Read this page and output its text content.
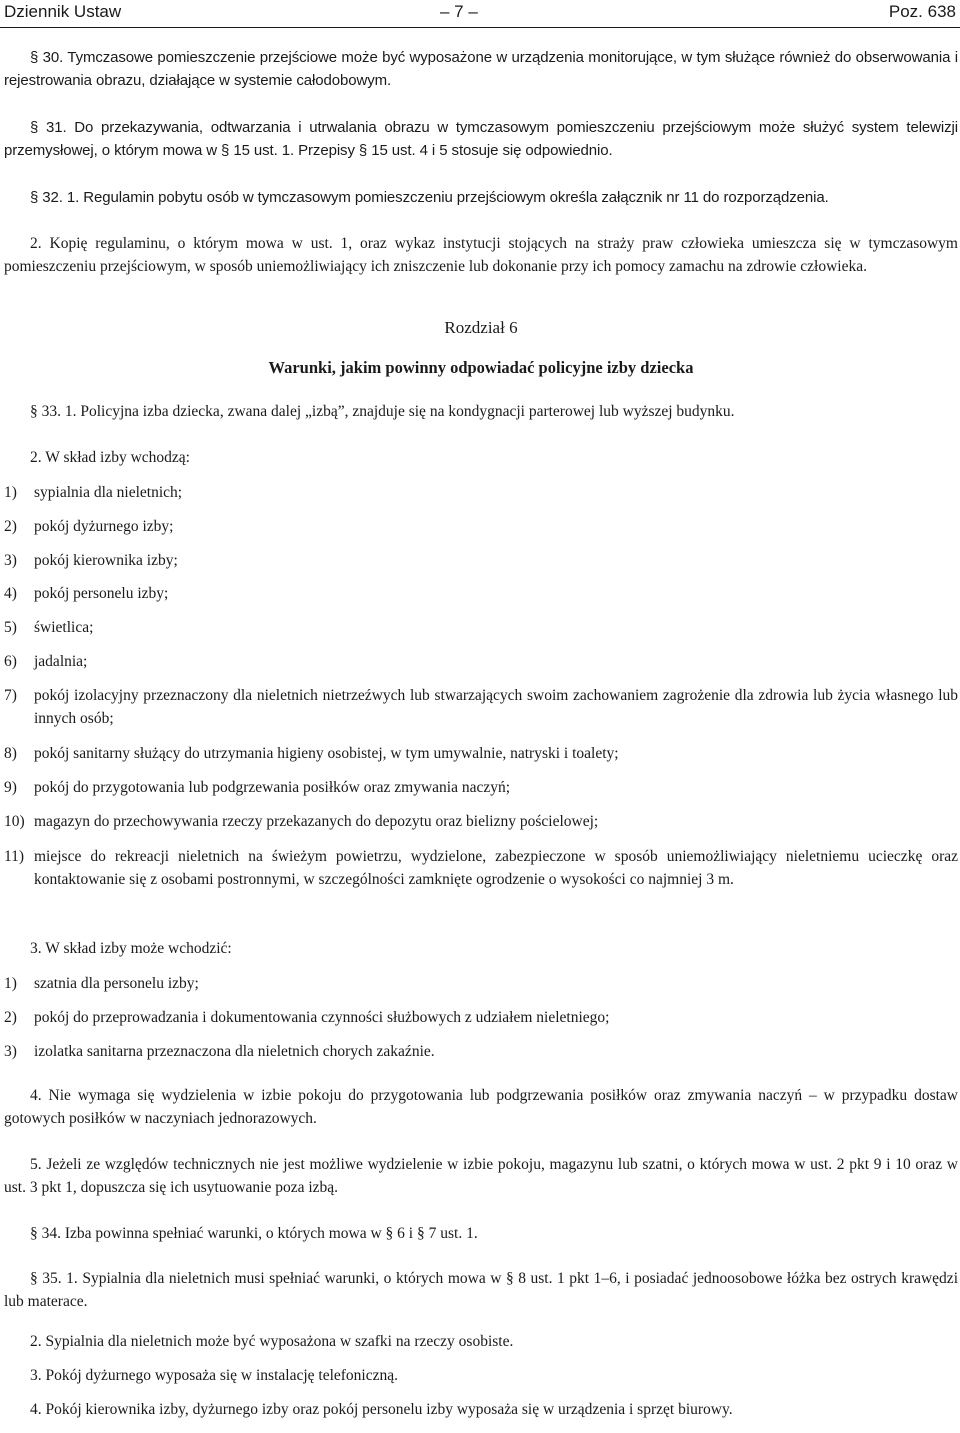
Dziennik Ustaw	– 7 –	Poz. 638
§ 30. Tymczasowe pomieszczenie przejściowe może być wyposażone w urządzenia monitorujące, w tym służące również do obserwowania i rejestrowania obrazu, działające w systemie całodobowym.
§ 31. Do przekazywania, odtwarzania i utrwalania obrazu w tymczasowym pomieszczeniu przejściowym może służyć system telewizji przemysłowej, o którym mowa w § 15 ust. 1. Przepisy § 15 ust. 4 i 5 stosuje się odpowiednio.
§ 32. 1. Regulamin pobytu osób w tymczasowym pomieszczeniu przejściowym określa załącznik nr 11 do rozporządzenia.
2. Kopię regulaminu, o którym mowa w ust. 1, oraz wykaz instytucji stojących na straży praw człowieka umieszcza się w tymczasowym pomieszczeniu przejściowym, w sposób uniemożliwiający ich zniszczenie lub dokonanie przy ich pomocy zamachu na zdrowie człowieka.
Rozdział 6
Warunki, jakim powinny odpowiadać policyjne izby dziecka
§ 33. 1. Policyjna izba dziecka, zwana dalej „izbą”, znajduje się na kondygnacji parterowej lub wyższej budynku.
2. W skład izby wchodzą:
1) sypialnia dla nieletnich;
2) pokój dyżurnego izby;
3) pokój kierownika izby;
4) pokój personelu izby;
5) świetlica;
6) jadalnia;
7) pokój izolacyjny przeznaczony dla nieletnich nietrzeźwych lub stwarzających swoim zachowaniem zagrożenie dla zdrowia lub życia własnego lub innych osób;
8) pokój sanitarny służący do utrzymania higieny osobistej, w tym umywalnie, natryski i toalety;
9) pokój do przygotowania lub podgrzewania posiłków oraz zmywania naczyń;
10) magazyn do przechowywania rzeczy przekazanych do depozytu oraz bielizny pościelowej;
11) miejsce do rekreacji nieletnich na świeżym powietrzu, wydzielone, zabezpieczone w sposób uniemożliwiający nieletniemu ucieczkę oraz kontaktowanie się z osobami postronnymi, w szczególności zamknięte ogrodzenie o wysokości co najmniej 3 m.
3. W skład izby może wchodzić:
1) szatnia dla personelu izby;
2) pokój do przeprowadzania i dokumentowania czynności służbowych z udziałem nieletniego;
3) izolatka sanitarna przeznaczona dla nieletnich chorych zakaźnie.
4. Nie wymaga się wydzielenia w izbie pokoju do przygotowania lub podgrzewania posiłków oraz zmywania naczyń – w przypadku dostaw gotowych posiłków w naczyniach jednorazowych.
5. Jeżeli ze względów technicznych nie jest możliwe wydzielenie w izbie pokoju, magazynu lub szatni, o których mowa w ust. 2 pkt 9 i 10 oraz w ust. 3 pkt 1, dopuszcza się ich usytuowanie poza izbą.
§ 34. Izba powinna spełniać warunki, o których mowa w § 6 i § 7 ust. 1.
§ 35. 1. Sypialnia dla nieletnich musi spełniać warunki, o których mowa w § 8 ust. 1 pkt 1–6, i posiadać jednoosobowe łóżka bez ostrych krawędzi lub materace.
2. Sypialnia dla nieletnich może być wyposażona w szafki na rzeczy osobiste.
3. Pokój dyżurnego wyposaża się w instalację telefoniczną.
4. Pokój kierownika izby, dyżurnego izby oraz pokój personelu izby wyposaża się w urządzenia i sprzęt biurowy.
